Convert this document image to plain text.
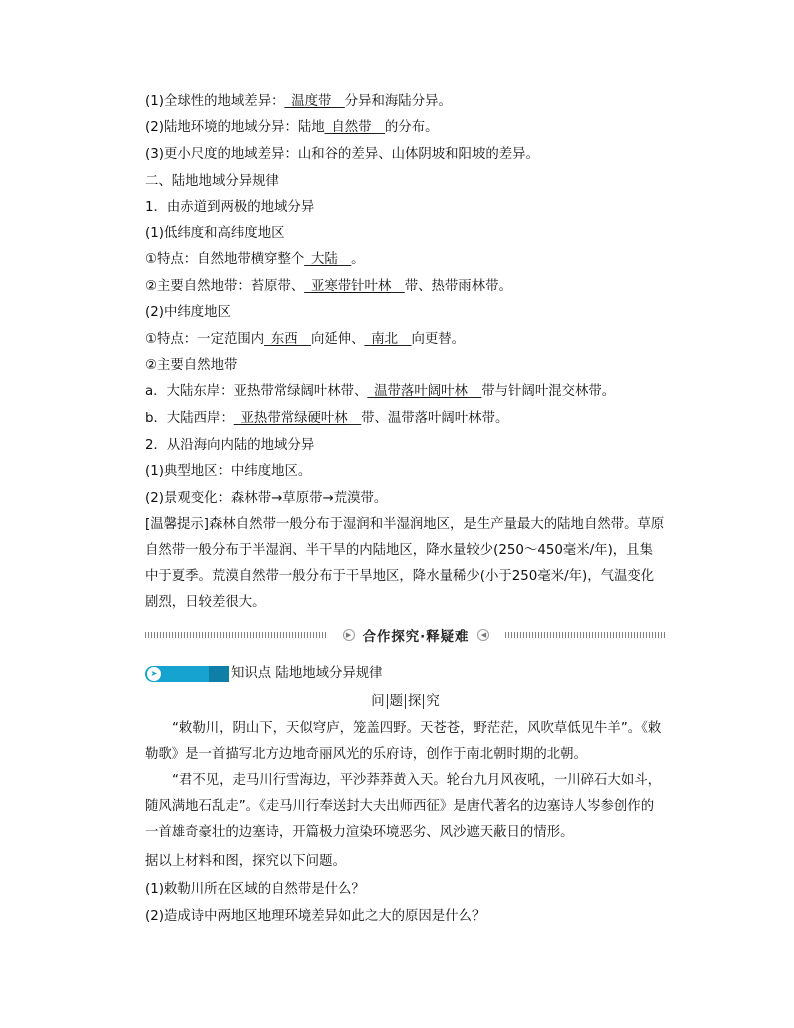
(1)全球性的地域差异：_温度带__分异和海陆分异。
(2)陆地环境的地域分异：陆地_自然带__的分布。
(3)更小尺度的地域差异：山和谷的差异、山体阴坡和阳坡的差异。
二、陆地地域分异规律
1．由赤道到两极的地域分异
(1)低纬度和高纬度地区
①特点：自然地带横穿整个_大陆__。
②主要自然地带：苔原带、_亚寒带针叶林__带、热带雨林带。
(2)中纬度地区
①特点：一定范围内_东西__向延伸、_南北__向更替。
②主要自然地带
a．大陆东岸：亚热带常绿阔叶林带、_温带落叶阔叶林__带与针阔叶混交林带。
b．大陆西岸：_亚热带常绿硬叶林__带、温带落叶阔叶林带。
2．从沿海向内陆的地域分异
(1)典型地区：中纬度地区。
(2)景观变化：森林带→草原带→荒漠带。
[温馨提示]森林自然带一般分布于湿润和半湿润地区，是生产量最大的陆地自然带。草原自然带一般分布于半湿润、半干旱的内陆地区，降水量较少(250～450毫米/年)，且集中于夏季。荒漠自然带一般分布于干旱地区，降水量稀少(小于250毫米/年)，气温变化剧烈，日较差很大。
▶ 合作探究·释疑难	◀
➤	知识点 陆地地域分异规律
问 题 探 究
“敕勒川，阴山下，天似穹庐，笼盖四野。天苍苍，野茫茫，风吹草低见牛羊”。《敕勒歌》是一首描写北方边地奇丽风光的乐府诗，创作于南北朝时期的北朝。
“君不见，走马川行雪海边，平沙莽莽黄入天。轮台九月风夜吼，一川碎石大如斗，随风满地石乱走”。《走马川行奉送封大夫出师西征》是唐代著名的边塞诗人岑参创作的一首雄奇豪壮的边塞诗，开篇极力渲染环境恶劣、风沙遮天蔽日的情形。
据以上材料和图，探究以下问题。
(1)敕勒川所在区域的自然带是什么？
(2)造成诗中两地区地理环境差异如此之大的原因是什么？
